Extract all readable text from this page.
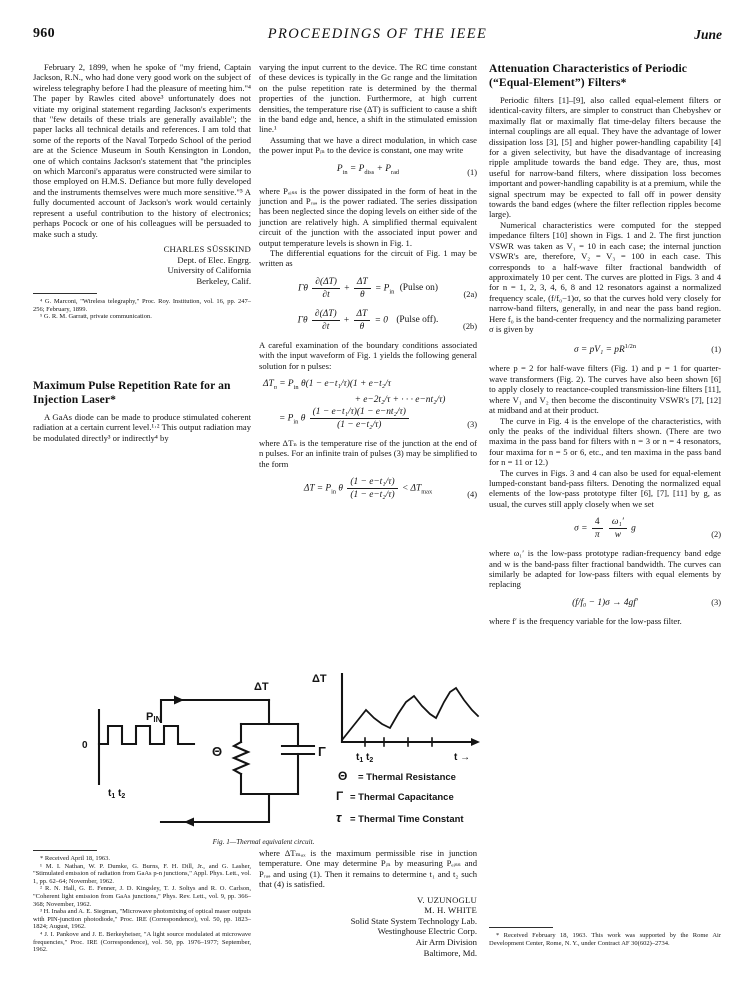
960	PROCEEDINGS OF THE IEEE	June

February 2, 1899, when he spoke of "my friend, Captain Jackson, R.N., who had done very good work on the subject of wireless telegraphy before I had the pleasure of meeting him."⁴ The paper by Rawles cited above³ unfortunately does not vitiate my original statement regarding Jackson's experiments that "few details of these trials are generally available"; the paper lacks all technical details and references. I am told that some of the reports of the Naval Torpedo School of the period are at the Science Museum in South Kensington in London, one of which contains Jackson's statement that "the principles on which Marconi's apparatus were constructed were similar to those employed on H.M.S. Defiance but more fully developed and the instruments themselves were much more sensitive."⁵ A fully documented account of Jackson's work would certainly represent a useful contribution to the history of electronics; perhaps Pocock or one of his colleagues will be persuaded to make such a study.

CHARLES SÜSSKIND
Dept. of Elec. Engrg.
University of California
Berkeley, Calif.

⁴ G. Marconi, "Wireless telegraphy," Proc. Roy. Institution, vol. 16, pp. 247–256; February, 1899.

⁵ G. R. M. Garratt, private communication.

Maximum Pulse Repetition Rate for an Injection Laser*

A GaAs diode can be made to produce stimulated coherent radiation at a certain current level.¹·² This output radiation may be modulated directly³ or indirectly⁴ by

* Received April 18, 1963.

¹ M. I. Nathan, W. P. Dumke, G. Burns, F. H. Dill, Jr., and G. Lasher, "Stimulated emission of radiation from GaAs p-n junctions," Appl. Phys. Lett., vol. 1, pp. 62–64; November, 1962.

² R. N. Hall, G. E. Fenner, J. D. Kingsley, T. J. Soltys and R. O. Carlson, "Coherent light emission from GaAs junctions," Phys. Rev. Lett., vol. 9, pp. 366–368; November, 1962.

³ H. Inaba and A. E. Siegman, "Microwave photomixing of optical maser outputs with PIN-junction photodiode," Proc. IRE (Correspondence), vol. 50, pp. 1823–1824; August, 1962.

⁴ J. I. Pankove and J. E. Berkeyheiser, "A light source modulated at microwave frequencies," Proc. IRE (Correspondence), vol. 50, pp. 1976–1977; September, 1962.

varying the input current to the device. The RC time constant of these devices is typically in the Gc range and the limitation on the pulse repetition rate is determined by the thermal properties of the junction. Furthermore, at high current densities, the temperature rise (ΔT) is sufficient to cause a shift in the band edge and, hence, a shift in the stimulated emission line.¹

Assuming that we have a direct modulation, in which case the power input Pᵢₙ to the device is constant, one may write

$P_{in} = P_{diss} + P_{rad}$	(1)

where Pₑᵢₛₛ is the power dissipated in the form of heat in the junction and Pᵣₐₔ is the power radiated. The series dissipation has been neglected since the doping levels on either side of the junction are relatively high. A simplified thermal equivalent circuit of the junction with the associated input power and output temperature levels is shown in Fig. 1.

The differential equations for the circuit of Fig. 1 may be written as

Γθ $\frac{\partial(\Delta T)}{\partial t} + \frac{\Delta T}{\theta} = P_{in}$ (Pulse on)
(2a)
Γθ $\frac{\partial(\Delta T)}{\partial t} + \frac{\Delta T}{\theta} = 0$ (Pulse off).
(2b)

A careful examination of the boundary conditions associated with the input waveform of Fig. 1 yields the following general solution for n pulses:

$\Delta T_n = P_{in}$ θ(1 − e−t₁/τ)(1 + e−t₂/τ
+ e−2t₂/τ + · · · e−nt₂/τ)
= $P_{in}$ θ $\frac{\text{(1 − e−t₁/τ)(1 − e−nt₂/τ)}}{\text{(1 − e−t₂/τ)}}$	(3)

where ΔTₙ is the temperature rise of the junction at the end of n pulses. For an infinite train of pulses (3) may be simplified to the form

$\Delta T = P_{in}$ θ $\frac{\text{(1 − e−t₁/τ)}}{\text{(1 − e−t₂/τ)}} < \Delta T_{max}$	(4)

where ΔTₘₐₓ is the maximum permissible rise in junction temperature. One may determine Pᵢₙ by measuring Pₑᵢₛₛ and Pᵣₐₔ and using (1). Then it remains to determine t₁ and t₂ such that (4) is satisfied.

V. UZUNOGLU
M. H. WHITE
Solid State System Technology Lab.
Westinghouse Electric Corp.
Air Arm Division
Baltimore, Md.
0
$t_1$ $t_2$
PIN
ΔT
Θ	Γ
ΔT
$t_1$ $t_2$	t →
Θ = Thermal Resistance
Γ = Thermal Capacitance
τ = Thermal Time Constant
Fig. 1—Thermal equivalent circuit.
Attenuation Characteristics of Periodic (“Equal-Element”) Filters*

Periodic filters [1]–[9], also called equal-element filters or identical-cavity filters, are simpler to construct than Chebyshev or maximally flat or maximally flat time-delay filters because the internal couplings are all equal. They have the advantage of lower dissipation loss [3], [5] and higher power-handling capability [4] for a given selectivity, but have the disadvantage of increasing ripple amplitude towards the band edge. They are, thus, most useful for narrow-band filters, where dissipation loss becomes important and power-handling capability is at a premium, while the signal spectrum may be expected to fall off in power density towards the band edges (where the filter reflection ripples become large).

Numerical characteristics were computed for the stepped impedance filters [10] shown in Figs. 1 and 2. The first junction VSWR was taken as V₁ = 10 in each case; the internal junction VSWR's are, therefore, V₂ = V₃ = 100 in each case. This corresponds to a half-wave filter fractional bandwidth of approximately 10 per cent. The curves are plotted in Figs. 3 and 4 for n = 1, 2, 3, 4, 6, 8 and 12 resonators against a normalized frequency scale, (f/f₀−1)σ, so that the curves hold very closely for narrow-band filters, generally, in and near the pass band region. Here f₀ is the band-center frequency and the normalizing parameter σ is given by

$\sigma = pV_1 = pR^{1/2n}$	(1)

where p = 2 for half-wave filters (Fig. 1) and p = 1 for quarter-wave transformers (Fig. 2). The curves have also been shown [6] to apply closely to reactance-coupled transmission-line filters [11], where V₁ and V₂ then become the discontinuity VSWR's [7], [12] at midband and at their product.

The curve in Fig. 4 is the envelope of the characteristics, with only the peaks of the individual filters shown. (There are two maxima in the pass band for filters with n = 3 or n = 4 resonators, four maxima for n = 5 or 6, etc., and ten maxima in the pass band for n = 11 or 12.)

The curves in Figs. 3 and 4 can also be used for equal-element lumped-constant band-pass filters. Denoting the normalized equal elements of the low-pass prototype filter [6], [7], [11] by g, as usual, the curves still apply closely when we set

$\sigma = \frac{4}{\pi}$
$\frac{\text{ω₁′}}{w}$ g
(2)

where ω₁′ is the low-pass prototype radian-frequency band edge and w is the band-pass filter fractional bandwidth. The curves can similarly be adapted for low-pass filters with equal elements by replacing

(f/f₀ − 1)σ → 4gf′	(3)

where f′ is the frequency variable for the low-pass filter.

* Received February 18, 1963. This work was supported by the Rome Air Development Center, Rome, N. Y., under Contract AF 30(602)–2734.
